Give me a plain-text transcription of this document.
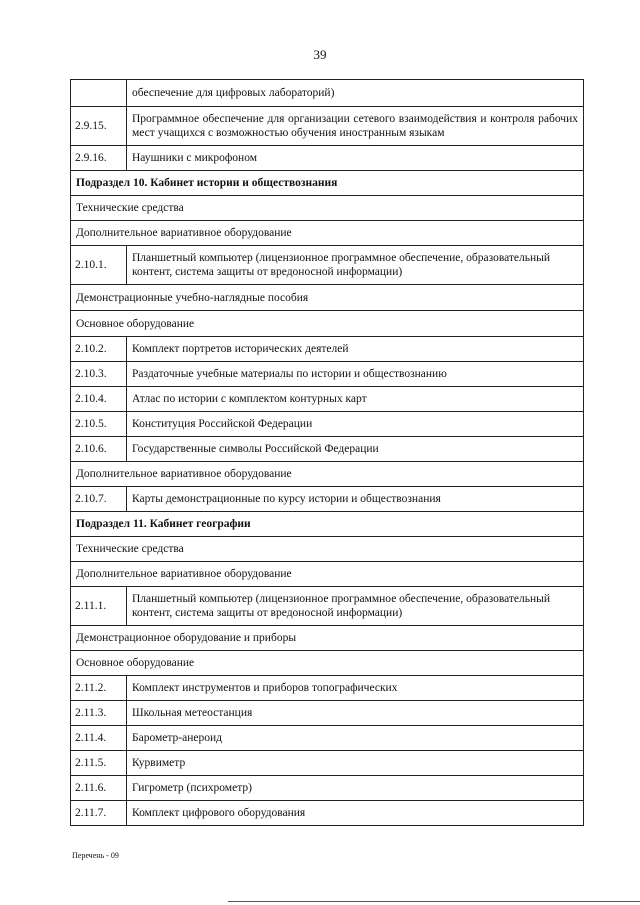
39
	обеспечение для цифровых лабораторий)
2.9.15.	Программное обеспечение для организации сетевого взаимодействия и контроля рабочих мест учащихся с возможностью обучения иностранным языкам
2.9.16.	Наушники с микрофоном
Подраздел 10. Кабинет истории и обществознания	
Технические средства	
Дополнительное вариативное оборудование	
2.10.1.	Планшетный компьютер (лицензионное программное обеспечение, образовательный контент, система защиты от вредоносной информации)
Демонстрационные учебно-наглядные пособия	
Основное оборудование	
2.10.2.	Комплект портретов исторических деятелей
2.10.3.	Раздаточные учебные материалы по истории и обществознанию
2.10.4.	Атлас по истории с комплектом контурных карт
2.10.5.	Конституция Российской Федерации
2.10.6.	Государственные символы Российской Федерации
Дополнительное вариативное оборудование	
2.10.7.	Карты демонстрационные по курсу истории и обществознания
Подраздел 11. Кабинет географии	
Технические средства	
Дополнительное вариативное оборудование	
2.11.1.	Планшетный компьютер (лицензионное программное обеспечение, образовательный контент, система защиты от вредоносной информации)
Демонстрационное оборудование и приборы	
Основное оборудование	
2.11.2.	Комплект инструментов и приборов топографических
2.11.3.	Школьная метеостанция
2.11.4.	Барометр-анероид
2.11.5.	Курвиметр
2.11.6.	Гигрометр (психрометр)
2.11.7.	Комплект цифрового оборудования
Перечень - 09
